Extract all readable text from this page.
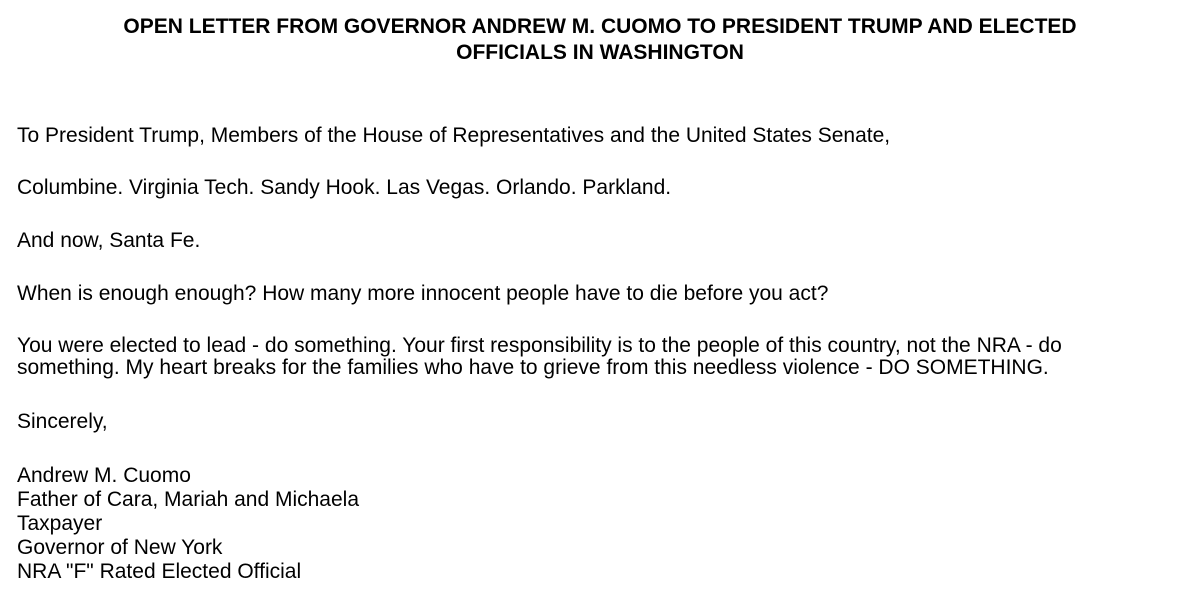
OPEN LETTER FROM GOVERNOR ANDREW M. CUOMO TO PRESIDENT TRUMP AND ELECTED
OFFICIALS IN WASHINGTON
To President Trump, Members of the House of Representatives and the United States Senate,
Columbine. Virginia Tech. Sandy Hook. Las Vegas. Orlando. Parkland.
And now, Santa Fe.
When is enough enough? How many more innocent people have to die before you act?
You were elected to lead - do something. Your first responsibility is to the people of this country, not the NRA - do
something. My heart breaks for the families who have to grieve from this needless violence - DO SOMETHING.
Sincerely,
Andrew M. Cuomo
Father of Cara, Mariah and Michaela
Taxpayer
Governor of New York
NRA "F" Rated Elected Official
